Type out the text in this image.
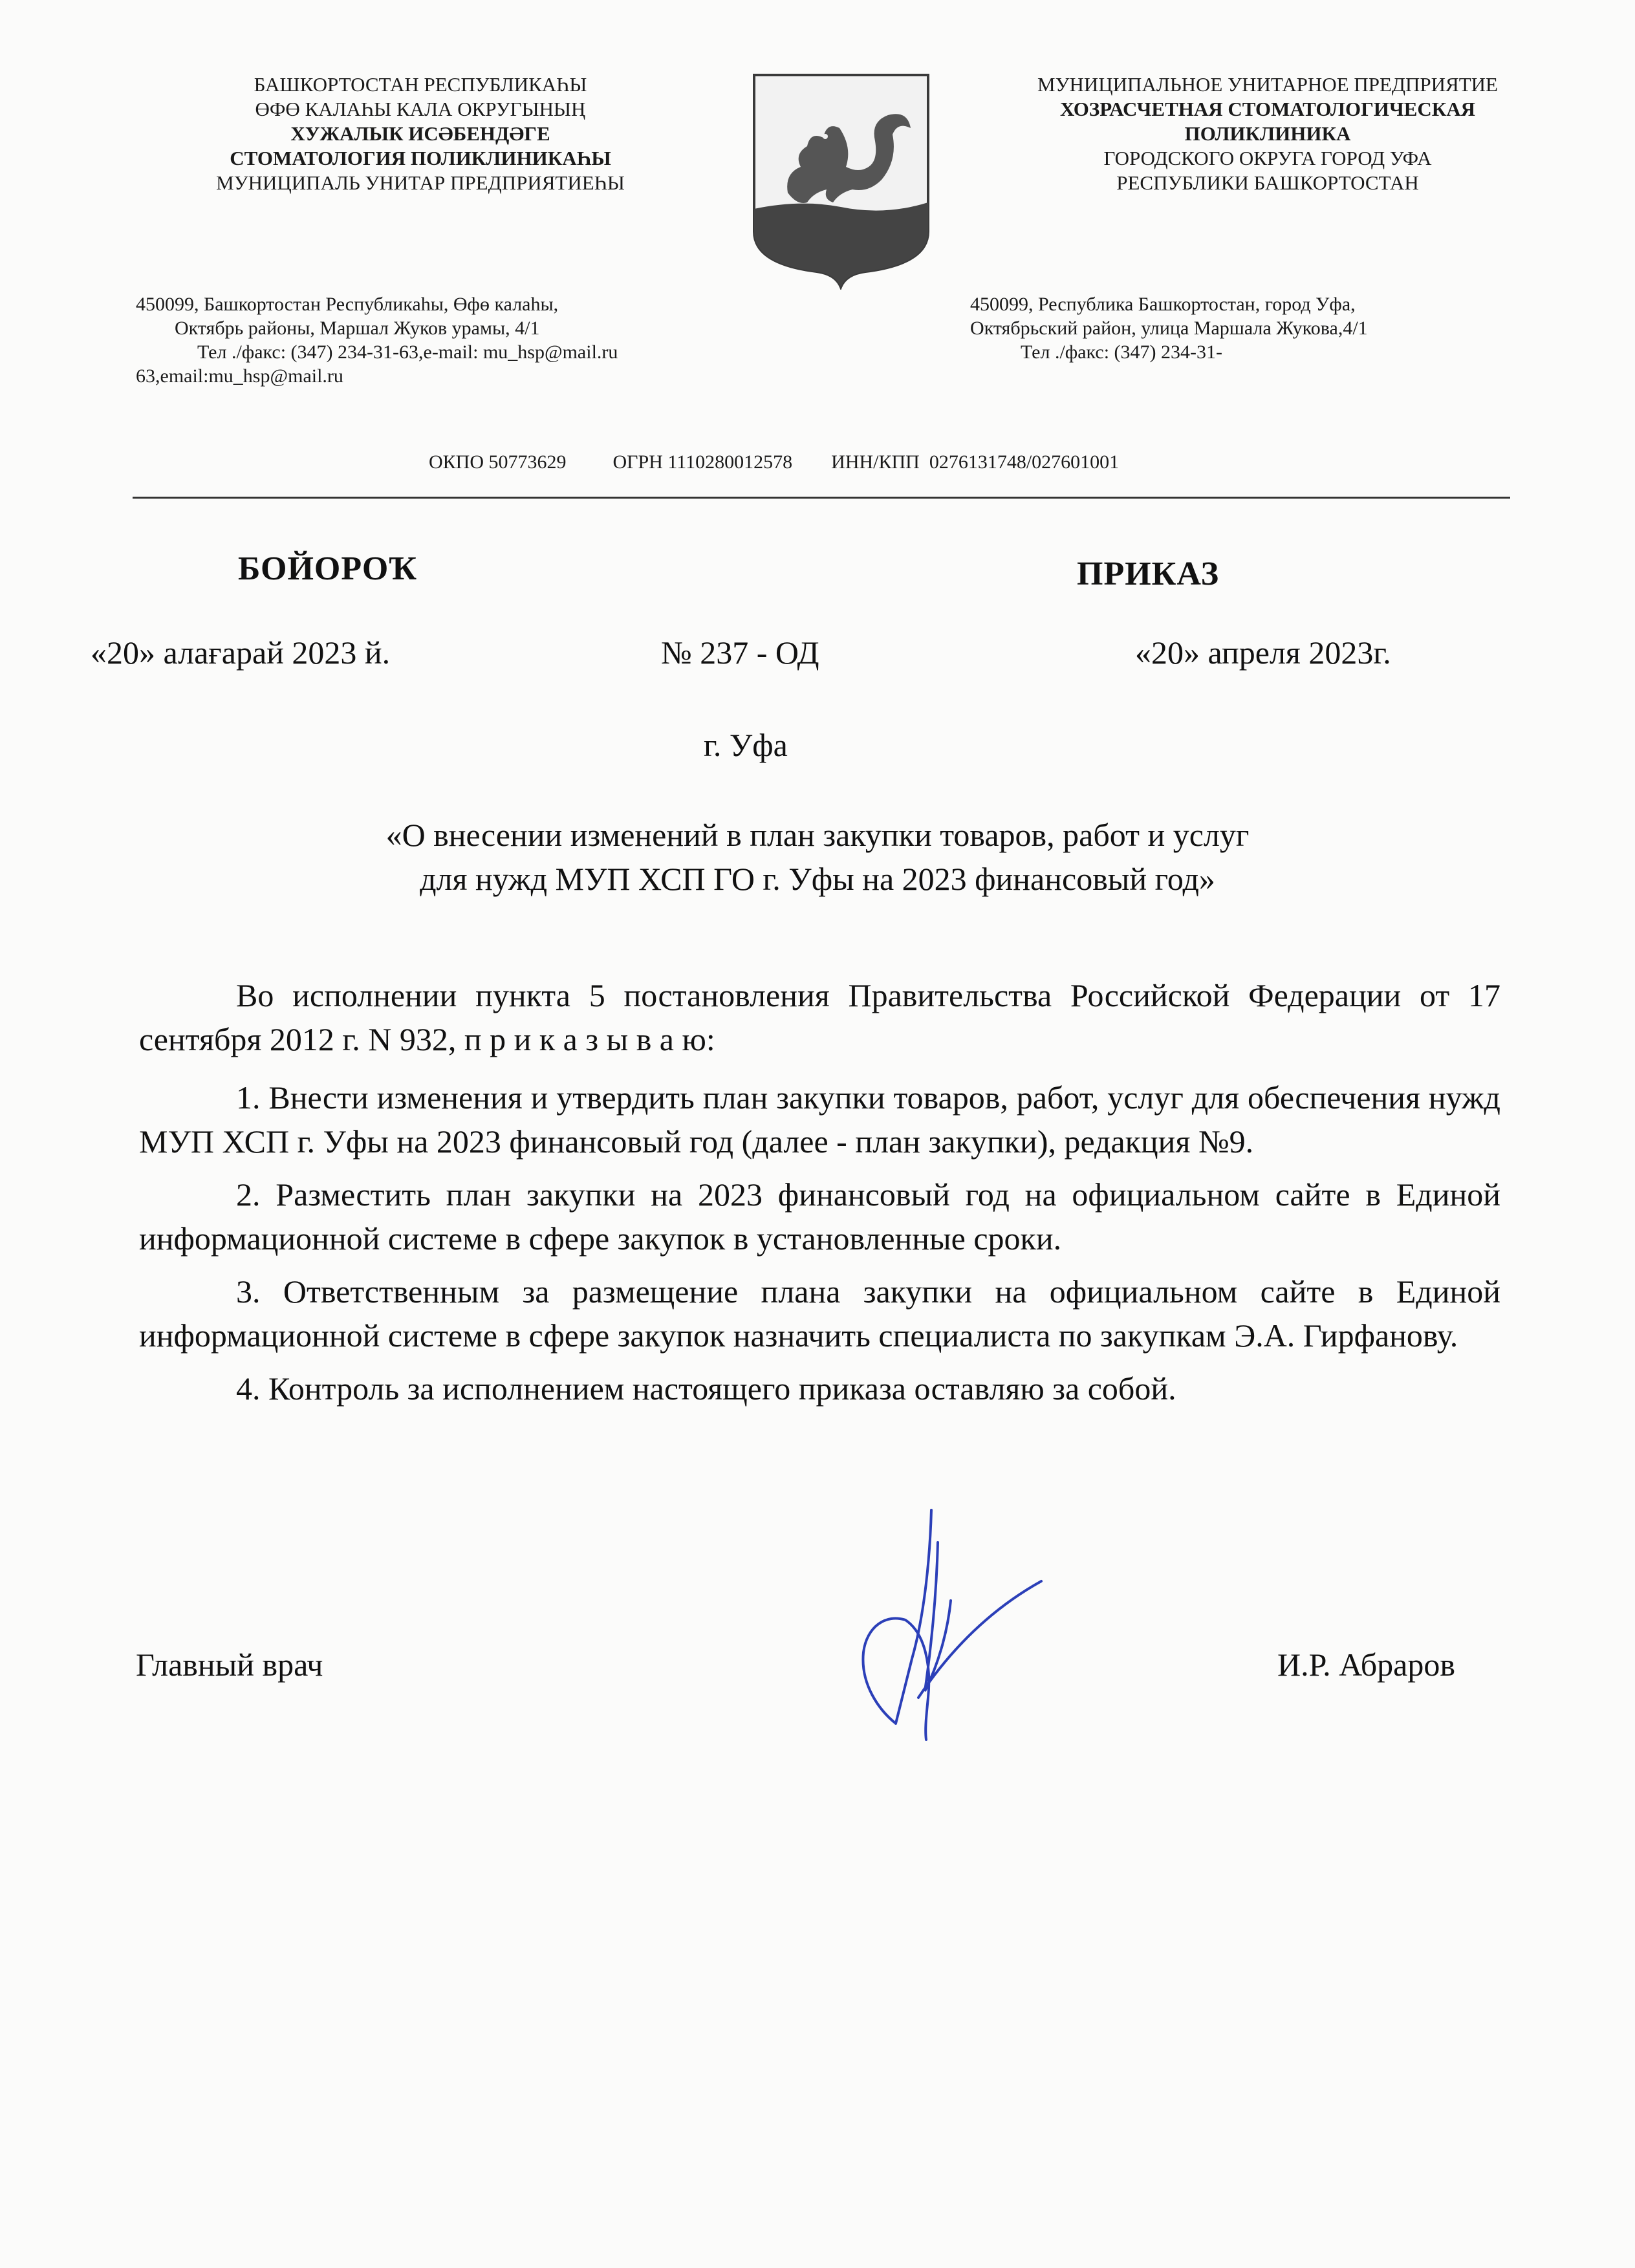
БАШКОРТОСТАН РЕСПУБЛИКАҺЫ
ӨФӨ КАЛАҺЫ КАЛА ОКРУГЫНЫҢ
ХУЖАЛЫК ИСӘБЕНДӘГЕ
СТОМАТОЛОГИЯ ПОЛИКЛИНИКАҺЫ
МУНИЦИПАЛЬ УНИТАР ПРЕДПРИЯТИЕҺЫ
МУНИЦИПАЛЬНОЕ УНИТАРНОЕ ПРЕДПРИЯТИЕ
ХОЗРАСЧЕТНАЯ СТОМАТОЛОГИЧЕСКАЯ
ПОЛИКЛИНИКА
ГОРОДСКОГО ОКРУГА ГОРОД УФА
РЕСПУБЛИКИ БАШКОРТОСТАН
450099, Башкортостан Республикаһы, Өфө калаһы,
Октябрь районы, Маршал Жуков урамы, 4/1
Тел ./факс: (347) 234-31-63,e-mail: mu_hsp@mail.ru
63,email:mu_hsp@mail.ru
450099, Республика Башкортостан, город Уфа,
Октябрьский район, улица Маршала Жукова,4/1
Тел ./факс: (347) 234-31-

ОКПО 50773629 ОГРН 1110280012578 ИНН/КПП  0276131748/027601001

БОЙОРОҠ	ПРИКАЗ
«20» алағарай 2023 й.	№ 237 - ОД	«20» апреля 2023г.
г. Уфа
«О внесении изменений в план закупки товаров, работ и услуг
для нужд МУП ХСП ГО г. Уфы на 2023 финансовый год»

Во исполнении пункта 5 постановления Правительства Российской Федерации от 17 сентября 2012 г. N 932, п р и к а з ы в а ю:

1. Внести изменения и утвердить план закупки товаров, работ, услуг для обеспечения нужд МУП ХСП г. Уфы на 2023 финансовый год (далее - план закупки), редакция №9.

2. Разместить план закупки на 2023 финансовый год на официальном сайте в Единой информационной системе в сфере закупок в установленные сроки.

3. Ответственным за размещение плана закупки на официальном сайте в Единой информационной системе в сфере закупок назначить специалиста по закупкам Э.А. Гирфанову.

4. Контроль за исполнением настоящего приказа оставляю за собой.

Главный врач	И.Р. Абраров
